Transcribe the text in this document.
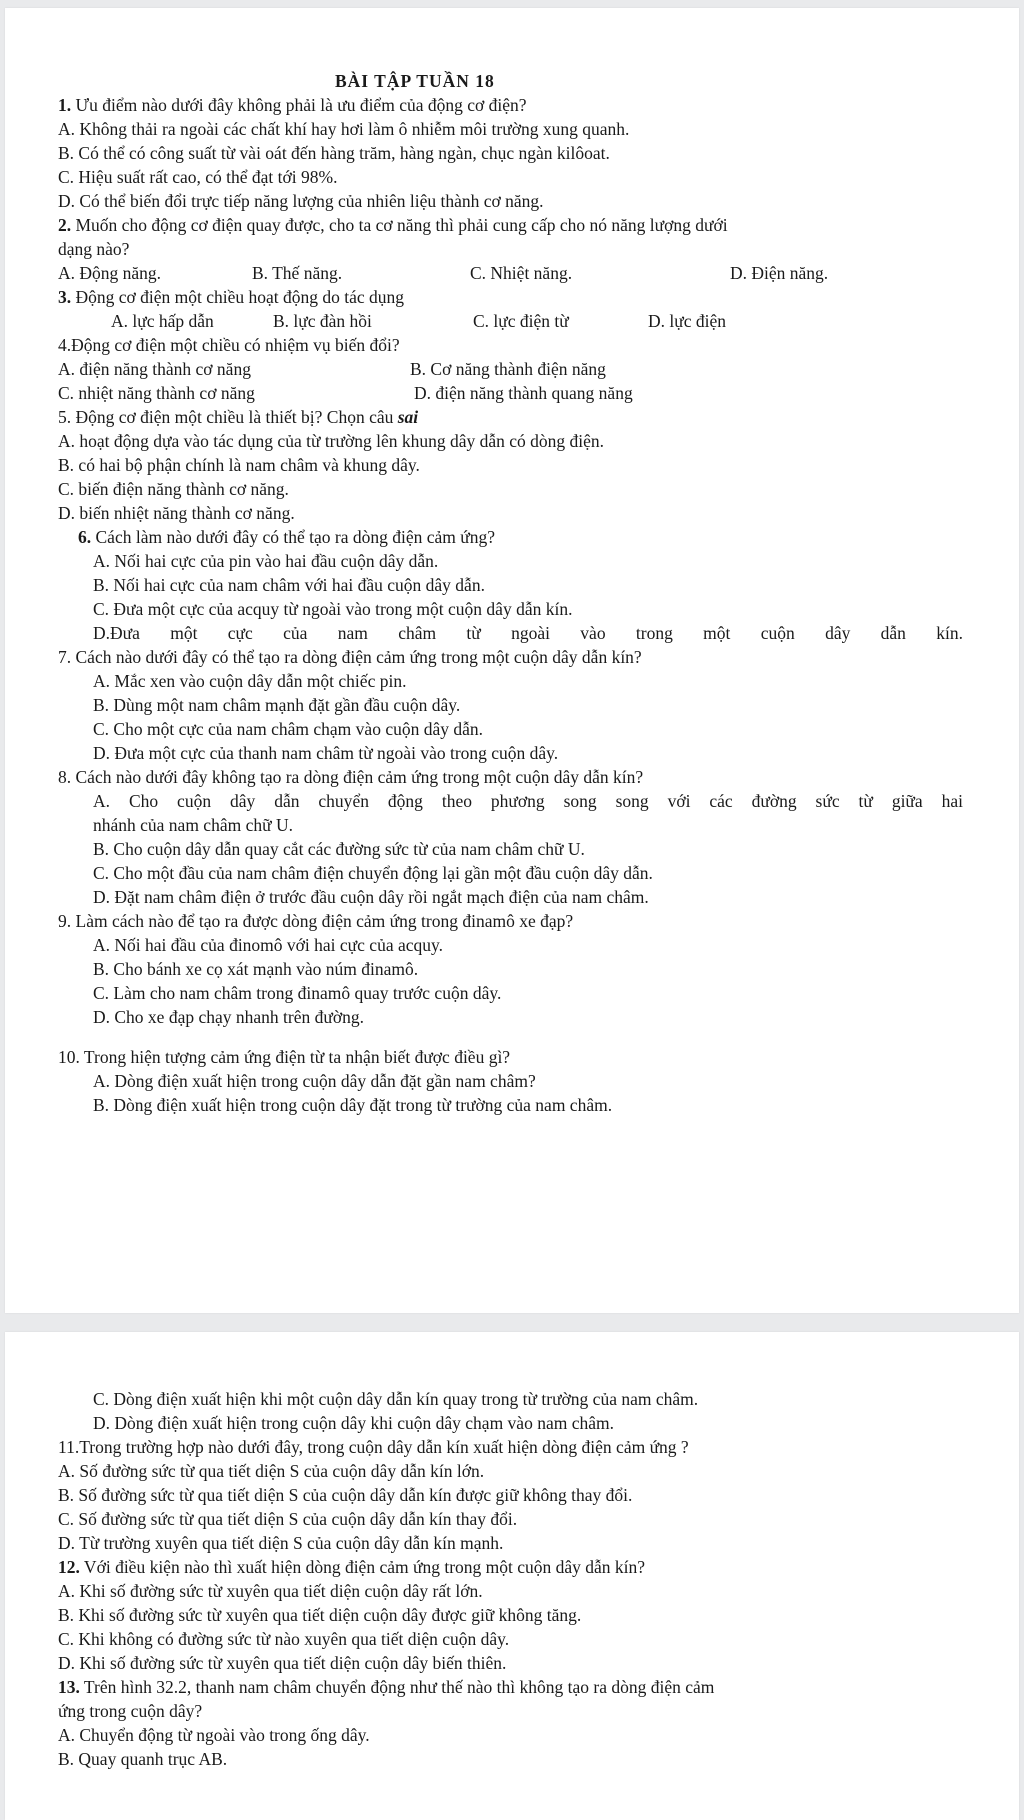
BÀI TẬP TUẦN 18

1. Ưu điểm nào dưới đây không phải là ưu điểm của động cơ điện?

A. Không thải ra ngoài các chất khí hay hơi làm ô nhiễm môi trường xung quanh.

B. Có thể có công suất từ vài oát đến hàng trăm, hàng ngàn, chục ngàn kilôoat.

C. Hiệu suất rất cao, có thể đạt tới 98%.

D. Có thể biến đổi trực tiếp năng lượng của nhiên liệu thành cơ năng.

2. Muốn cho động cơ điện quay được, cho ta cơ năng thì phải cung cấp cho nó năng lượng dưới

dạng nào?

A. Động năng.	B. Thế năng.	C. Nhiệt năng.	D. Điện năng.

3. Động cơ điện một chiều hoạt động do tác dụng

A. lực hấp dẫn	B. lực đàn hồi	C. lực điện từ	D. lực điện

4.Động cơ điện một chiều có nhiệm vụ biến đổi?

A. điện năng thành cơ năng	B. Cơ năng thành điện năng

C. nhiệt năng thành cơ năng	D. điện năng thành quang năng

5. Động cơ điện một chiều là thiết bị? Chọn câu sai

A. hoạt động dựa vào tác dụng của từ trường lên khung dây dẫn có dòng điện.

B. có hai bộ phận chính là nam châm và khung dây.

C. biến điện năng thành cơ năng.

D. biến nhiệt năng thành cơ năng.

6. Cách làm nào dưới đây có thể tạo ra dòng điện cảm ứng?

A. Nối hai cực của pin vào hai đầu cuộn dây dẫn.

B. Nối hai cực của nam châm với hai đầu cuộn dây dẫn.

C. Đưa một cực của acquy từ ngoài vào trong một cuộn dây dẫn kín.

D.Đưa một cực của nam châm từ ngoài vào trong một cuộn dây dẫn kín.

7. Cách nào dưới đây có thể tạo ra dòng điện cảm ứng trong một cuộn dây dẫn kín?

A. Mắc xen vào cuộn dây dẫn một chiếc pin.

B. Dùng một nam châm mạnh đặt gần đầu cuộn dây.

C. Cho một cực của nam châm chạm vào cuộn dây dẫn.

D. Đưa một cực của thanh nam châm từ ngoài vào trong cuộn dây.

8. Cách nào dưới đây không tạo ra dòng điện cảm ứng trong một cuộn dây dẫn kín?

A. Cho cuộn dây dẫn chuyển động theo phương song song với các đường sức từ giữa hai

nhánh của nam châm chữ U.

B. Cho cuộn dây dẫn quay cắt các đường sức từ của nam châm chữ U.

C. Cho một đầu của nam châm điện chuyển động lại gần một đầu cuộn dây dẫn.

D. Đặt nam châm điện ở trước đầu cuộn dây rồi ngắt mạch điện của nam châm.

9. Làm cách nào để tạo ra được dòng điện cảm ứng trong đinamô xe đạp?

A. Nối hai đầu của đinomô với hai cực của acquy.

B. Cho bánh xe cọ xát mạnh vào núm đinamô.

C. Làm cho nam châm trong đinamô quay trước cuộn dây.

D. Cho xe đạp chạy nhanh trên đường.

10. Trong hiện tượng cảm ứng điện từ ta nhận biết được điều gì?

A. Dòng điện xuất hiện trong cuộn dây dẫn đặt gần nam châm?

B. Dòng điện xuất hiện trong cuộn dây đặt trong từ trường của nam châm.

C. Dòng điện xuất hiện khi một cuộn dây dẫn kín quay trong từ trường của nam châm.

D. Dòng điện xuất hiện trong cuộn dây khi cuộn dây chạm vào nam châm.

11.Trong trường hợp nào dưới đây, trong cuộn dây dẫn kín xuất hiện dòng điện cảm ứng ?

A. Số đường sức từ qua tiết diện S của cuộn dây dẫn kín lớn.

B. Số đường sức từ qua tiết diện S của cuộn dây dẫn kín được giữ không thay đổi.

C. Số đường sức từ qua tiết diện S của cuộn dây dẫn kín thay đổi.

D. Từ trường xuyên qua tiết diện S của cuộn dây dẫn kín mạnh.

12. Với điều kiện nào thì xuất hiện dòng điện cảm ứng trong một cuộn dây dẫn kín?

A. Khi số đường sức từ xuyên qua tiết diện cuộn dây rất lớn.

B. Khi số đường sức từ xuyên qua tiết diện cuộn dây được giữ không tăng.

C. Khi không có đường sức từ nào xuyên qua tiết diện cuộn dây.

D. Khi số đường sức từ xuyên qua tiết diện cuộn dây biến thiên.

13. Trên hình 32.2, thanh nam châm chuyển động như thế nào thì không tạo ra dòng điện cảm

ứng trong cuộn dây?

A. Chuyển động từ ngoài vào trong ống dây.

B. Quay quanh trục AB.
